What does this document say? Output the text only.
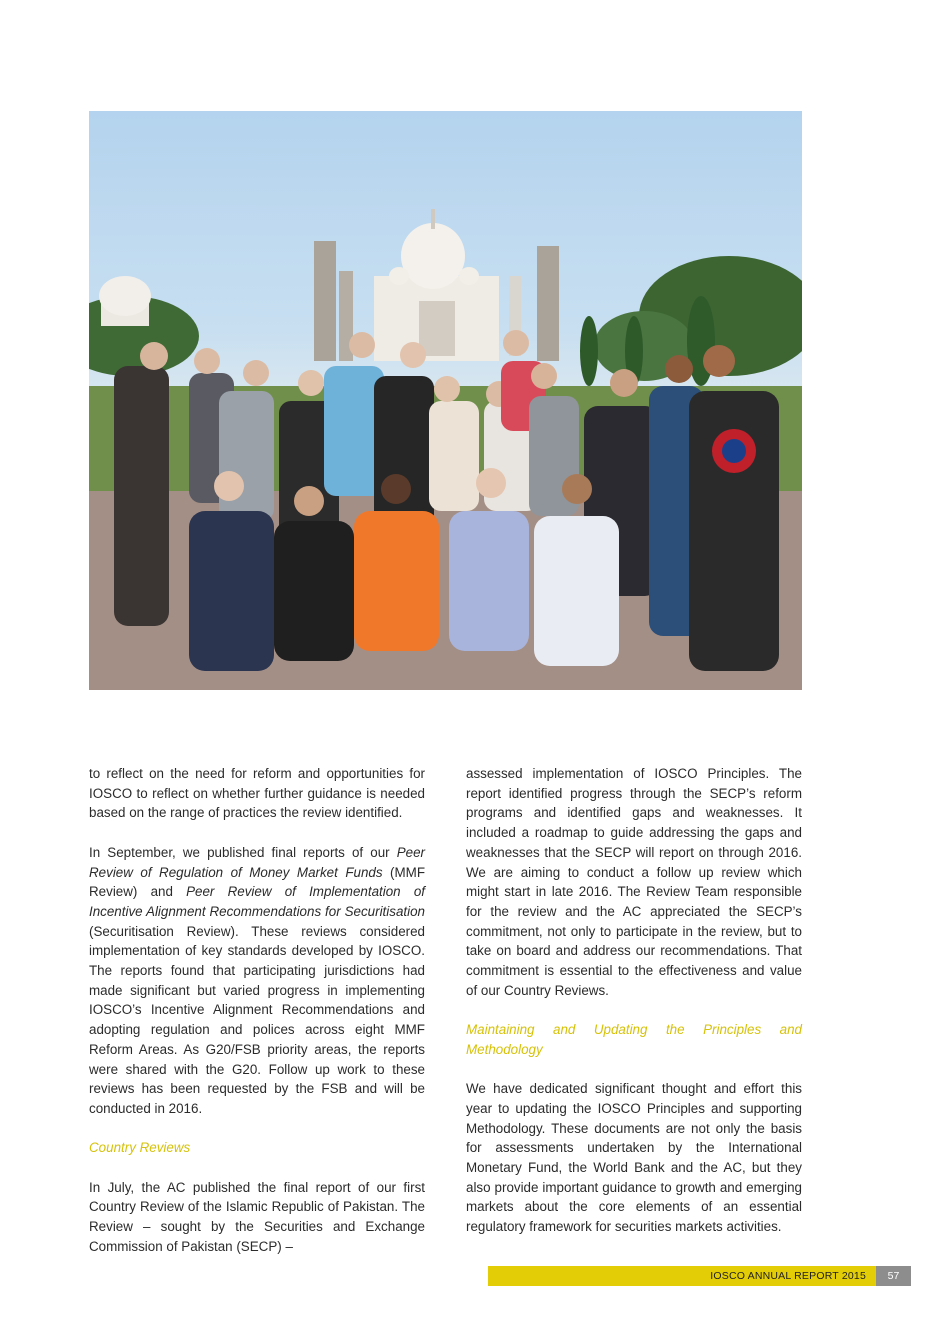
to reflect on the need for reform and opportunities for IOSCO to reflect on whether further guidance is needed based on the range of practices the review identified.

In September, we published final reports of our Peer Review of Regulation of Money Market Funds (MMF Review) and Peer Review of Implementation of Incentive Alignment Recommendations for Securitisation (Securitisation Review). These reviews considered implementation of key standards developed by IOSCO. The reports found that participating jurisdictions had made significant but varied progress in implementing IOSCO’s Incentive Alignment Recommendations and adopting regulation and polices across eight MMF Reform Areas. As G20/FSB priority areas, the reports were shared with the G20. Follow up work to these reviews has been requested by the FSB and will be conducted in 2016.

Country Reviews

In July, the AC published the final report of our first Country Review of the Islamic Republic of Pakistan. The Review – sought by the Securities and Exchange Commission of Pakistan (SECP) –

assessed implementation of IOSCO Principles. The report identified progress through the SECP’s reform programs and identified gaps and weaknesses. It included a roadmap to guide addressing the gaps and weaknesses that the SECP will report on through 2016. We are aiming to conduct a follow up review which might start in late 2016. The Review Team responsible for the review and the AC appreciated the SECP’s commitment, not only to participate in the review, but to take on board and address our recommendations. That commitment is essential to the effectiveness and value of our Country Reviews.

Maintaining and Updating the Principles and Methodology

We have dedicated significant thought and effort this year to updating the IOSCO Principles and supporting Methodology. These documents are not only the basis for assessments undertaken by the International Monetary Fund, the World Bank and the AC, but they also provide important guidance to growth and emerging markets about the core elements of an essential regulatory framework for securities markets activities.

IOSCO ANNUAL REPORT 2015	57
